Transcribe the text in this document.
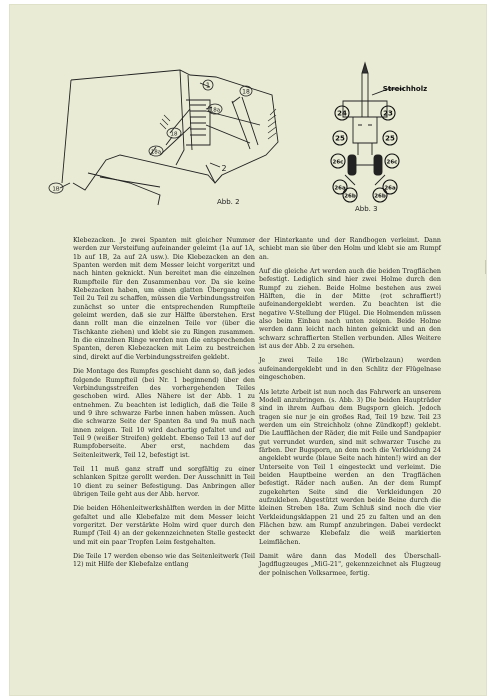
1
18
18a
18
18a
1B
2
Streichholz
24	23
25	25
26c	26c
26a	26a
26b	26b
Abb. 2
Abb. 3

Klebezacken. Je zwei Spanten mit gleicher Nummer werden zur Versteifung aufeinander geleimt (1a auf 1A, 1b auf 1B, 2a auf 2A usw.). Die Klebezacken an den Spanten werden mit dem Messer leicht vorgeritzt und nach hinten geknickt. Nun bereitet man die einzelnen Rumpfteile für den Zusammenbau vor. Da sie keine Klebezacken haben, um einen glatten Übergang von Teil 2u Teil zu schaffen, müssen die Verbindungsstreifen zunächst so unter die entsprechenden Rumpfteile geleimt werden, daß sie zur Hälfte überstehen. Erst dann rollt man die einzelnen Teile vor (über die Tischkante ziehen) und klebt sie zu Ringen zusammen. In die einzelnen Ringe werden nun die entsprechenden Spanten, deren Klebezacken mit Leim zu bestreichen sind, direkt auf die Verbindungsstreifen geklebt.

Die Montage des Rumpfes geschieht dann so, daß jedes folgende Rumpfteil (bei Nr. 1 beginnend) über den Verbindungsstreifen des vorhergehenden Teiles geschoben wird. Alles Nähere ist der Abb. 1 zu entnehmen. Zu beachten ist lediglich, daß die Teile 8 und 9 ihre schwarze Farbe innen haben müssen. Auch die schwarze Seite der Spanten 8a und 9a muß nach innen zeigen. Teil 10 wird dachartig gefaltet und auf Teil 9 (weißer Streifen) geklebt. Ebenso Teil 13 auf der Rumpfoberseite. Aber erst, nachdem das Seitenleitwerk, Teil 12, befestigt ist.

Teil 11 muß ganz straff und sorgfältig zu einer schlanken Spitze gerollt werden. Der Ausschnitt in Teil 10 dient zu seiner Befestigung. Das Anbringen aller übrigen Teile geht aus der Abb. hervor.

Die beiden Höhenleitwerkshälften werden in der Mitte gefaltet und alle Klebefalze mit dem Messer leicht vorgeritzt. Der verstärkte Holm wird quer durch den Rumpf (Teil 4) an der gekennzeichneten Stelle gesteckt und mit ein paar Tropfen Leim festgehalten.

Die Teile 17 werden ebenso wie das Seitenleitwerk (Teil 12) mit Hilfe der Klebefalze entlang

der Hinterkante und der Randbogen verleimt. Dann schiebt man sie über den Holm und klebt sie am Rumpf an.

Auf die gleiche Art werden auch die beiden Tragflächen befestigt. Lediglich sind hier zwei Holme durch den Rumpf zu ziehen. Beide Holme bestehen aus zwei Hälften, die in der Mitte (rot schraffiert!) aufeinandergeklebt werden. Zu beachten ist die negative V-Stellung der Flügel. Die Holmenden müssen also beim Einbau nach unten zeigen. Beide Holme werden dann leicht nach hinten geknickt und an den schwarz schraffierten Stellen verbunden. Alles Weitere ist aus der Abb. 2 zu ersehen.

Je zwei Teile 18c (Wirbelzaun) werden aufeinandergeklebt und in den Schlitz der Flügelnase eingeschoben.

Als letzte Arbeit ist nun noch das Fahrwerk an unserem Modell anzubringen. (s. Abb. 3) Die beiden Haupträder sind in ihrem Aufbau dem Bugsporn gleich. Jedoch tragen sie nur je ein großes Rad, Teil 19 bzw. Teil 23 werden um ein Streichholz (ohne Zündkopf!) geklebt. Die Laufflächen der Räder, die mit Feile und Sandpapier gut verrundet wurden, sind mit schwarzer Tusche zu färben. Der Bugsporn, an dem noch die Verkleidung 24 angeklebt wurde (blaue Seite nach hinten!) wird an der Unterseite von Teil 1 eingesteckt und verleimt. Die beiden Hauptbeine werden an den Tragflächen befestigt. Räder nach außen. An der dem Rumpf zugekehrten Seite sind die Verkleidungen 20 aufzukleben. Abgestützt werden beide Beine durch die kleinen Streben 18a. Zum Schluß sind noch die vier Verkleidungsklappen 21 und 25 zu falten und an den Flächen bzw. am Rumpf anzubringen. Dabei verdeckt der schwarze Klebefalz die weiß markierten Leimflächen.

Damit wäre dann das Modell des Überschall-Jagdflugzeuges „MiG-21", gekennzeichnet als Flugzeug der polnischen Volksarmee, fertig.
